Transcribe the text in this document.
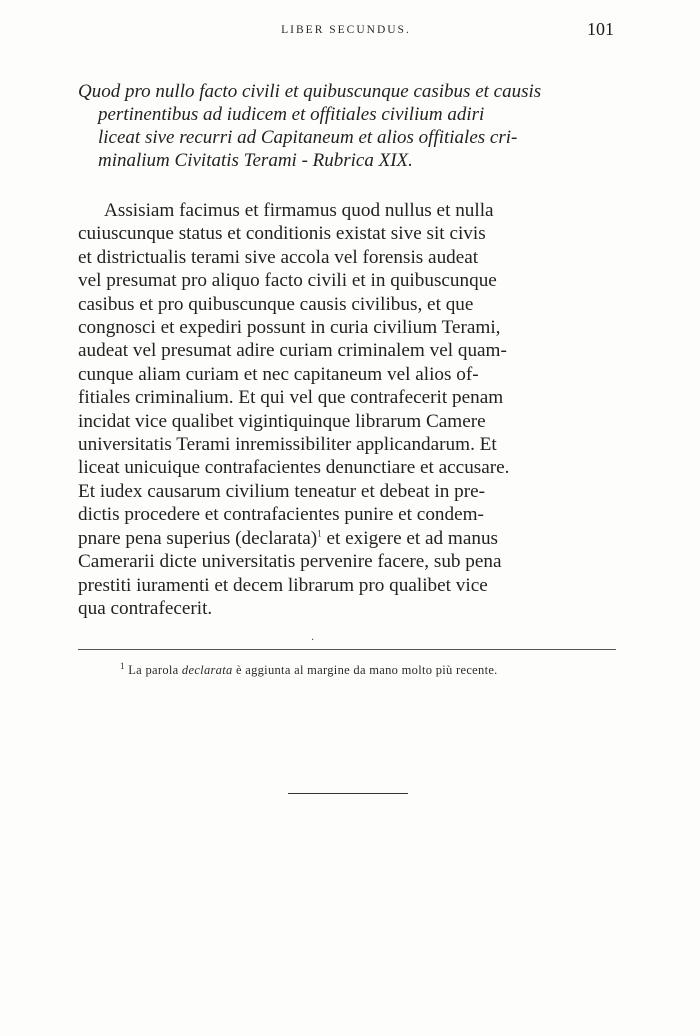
LIBER SECUNDUS.	101
Quod pro nullo facto civili et quibuscunque casibus et causis
pertinentibus ad iudicem et offitiales civilium adiri
liceat sive recurri ad Capitaneum et alios offitiales cri-
minalium Civitatis Terami - Rubrica XIX.
Assisiam facimus et firmamus quod nullus et nulla
cuiuscunque status et conditionis existat sive sit civis
et districtualis terami sive accola vel forensis audeat
vel presumat pro aliquo facto civili et in quibuscunque
casibus et pro quibuscunque causis civilibus, et que
congnosci et expediri possunt in curia civilium Terami,
audeat vel presumat adire curiam criminalem vel quam-
cunque aliam curiam et nec capitaneum vel alios of-
fitiales criminalium. Et qui vel que contrafecerit penam
incidat vice qualibet vigintiquinque librarum Camere
universitatis Terami inremissibiliter applicandarum. Et
liceat unicuique contrafacientes denunctiare et accusare.
Et iudex causarum civilium teneatur et debeat in pre-
dictis procedere et contrafacientes punire et condem-
pnare pena superius (declarata)$^1$ et exigere et ad manus
Camerarii dicte universitatis pervenire facere, sub pena
prestiti iuramenti et decem librarum pro qualibet vice
qua contrafecerit.
.
$^1$ La parola declarata è aggiunta al margine da mano molto più recente.
